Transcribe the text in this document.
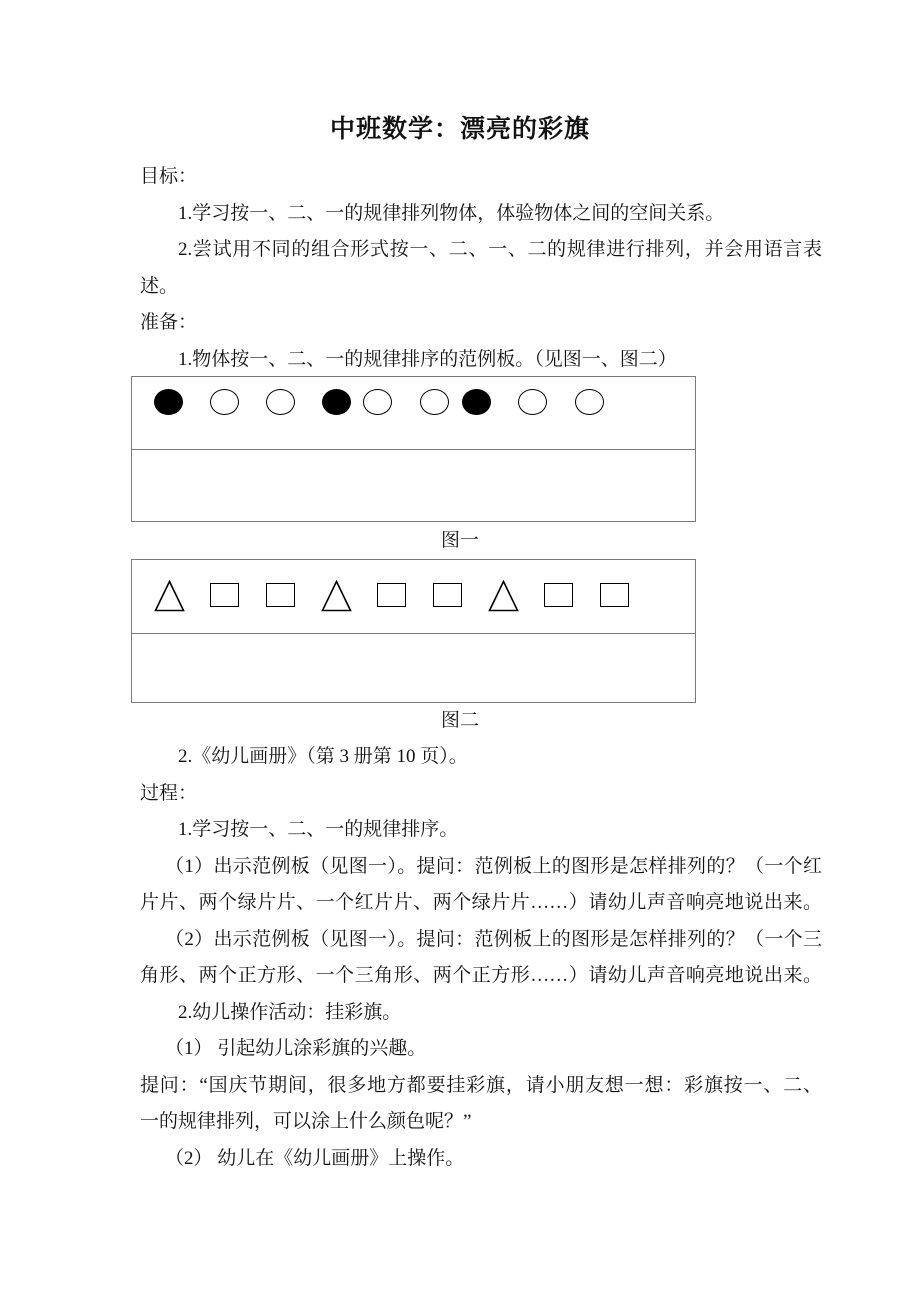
中班数学：漂亮的彩旗
目标：
1.学习按一、二、一的规律排列物体，体验物体之间的空间关系。
2.尝试用不同的组合形式按一、二、一、二的规律进行排列，并会用语言表
述。
准备：
1.物体按一、二、一的规律排序的范例板。（见图一、图二）
图一
图二
2.《幼儿画册》（第 3 册第 10 页）。
过程：
1.学习按一、二、一的规律排序。
（1）出示范例板（见图一）。提问：范例板上的图形是怎样排列的？（一个红
片片、两个绿片片、一个红片片、两个绿片片……）请幼儿声音响亮地说出来。
（2）出示范例板（见图一）。提问：范例板上的图形是怎样排列的？（一个三
角形、两个正方形、一个三角形、两个正方形……）请幼儿声音响亮地说出来。
2.幼儿操作活动：挂彩旗。
（1） 引起幼儿涂彩旗的兴趣。
提问：“国庆节期间，很多地方都要挂彩旗，请小朋友想一想：彩旗按一、二、
一的规律排列，可以涂上什么颜色呢？”
（2） 幼儿在《幼儿画册》上操作。
